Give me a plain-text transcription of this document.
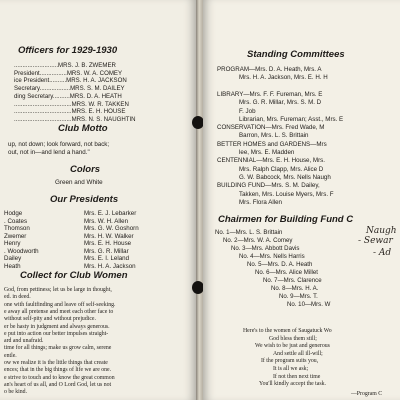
Officers for 1929-1930
..........................MRS. J. B. ZWEMER
President................MRS. W. A. COMEY
ice President..........MRS. H. A. JACKSON
Secretary..................MRS. S. M. DAILEY
ding Secretary..........MRS. D. A. HEATH
..................................MRS. W. R. TAKKEN
..................................MRS. E. H. HOUSE
..................................MRS. N. S. NAUGHTIN
Club Motto
up, not down; look forward, not back;
out, not in—and lend a hand."
Colors
Green and White
Our Presidents
Hodge
. Coates
Thomson
Zwemer
Henry
. Woodworth
Dailey
Heath
Mrs. E. J. Lebarker
Mrs. W. H. Allen
Mrs. G. W. Goshorn
Mrs. H. W. Walker
Mrs. E. H. House
Mrs. G. R. Millar
Mrs. E. I. Leland
Mrs. H. A. Jackson
Collect for Club Women
God, from pettiness; let us be large in thought,
ed. in deed.
one with faultfinding and leave off self-seeking.
e away all pretense and meet each other face to
without self-pity and without prejudice.
er be hasty in judgment and always generous.
e put into action our better impulses straight-
ard and unafraid.
time for all things; make us grow calm, serene
entle.
ow we realize it is the little things that create
ences; that in the big things of life we are one.
e strive to touch and to know the great common
an's heart of us all, and O Lord God, let us not
o be kind.
Standing Committees
PROGRAM—Mrs. D. A. Heath, Mrs. A
Mrs. H. A. Jackson, Mrs. E. H. H
LIBRARY—Mrs. F. F. Fureman, Mrs. E
Mrs. G. R. Millar, Mrs. S. M. D
F. Job
Librarian, Mrs. Fureman; Asst., Mrs. E
CONSERVATION—Mrs. Fred Wade, M
Barron, Mrs. L. S. Brittain
BETTER HOMES and GARDENS—Mrs
lee, Mrs. E. Madden
CENTENNIAL—Mrs. E. H. House, Mrs.
Mrs. Ralph Clapp, Mrs. Alice D
G. W. Babcock, Mrs. Nells Naugh
BUILDING FUND—Mrs. S. M. Dailey,
Takken, Mrs. Louise Myers, Mrs. F
Mrs. Flora Allen
Chairmen for Building Fund C
No. 1—Mrs. L. S. Brittain
No. 2—Mrs. W. A. Comey
No. 3—Mrs. Abbott Davis
No. 4—Mrs. Nells Harris
No. 5—Mrs. D. A. Heath
No. 6—Mrs. Alice Millet
No. 7—Mrs. Clarence
No. 8—Mrs. H. A.
No. 9—Mrs. T.
No. 10—Mrs. W
Naugh
- Sewar
- Ad
Here's to the women of Saugatuck Wo
God bless them still;
We wish to be just and generous
And settle all ill-will;
If the program suits you,
It is all we ask;
If not then next time
You'll kindly accept the task.
—Program C
